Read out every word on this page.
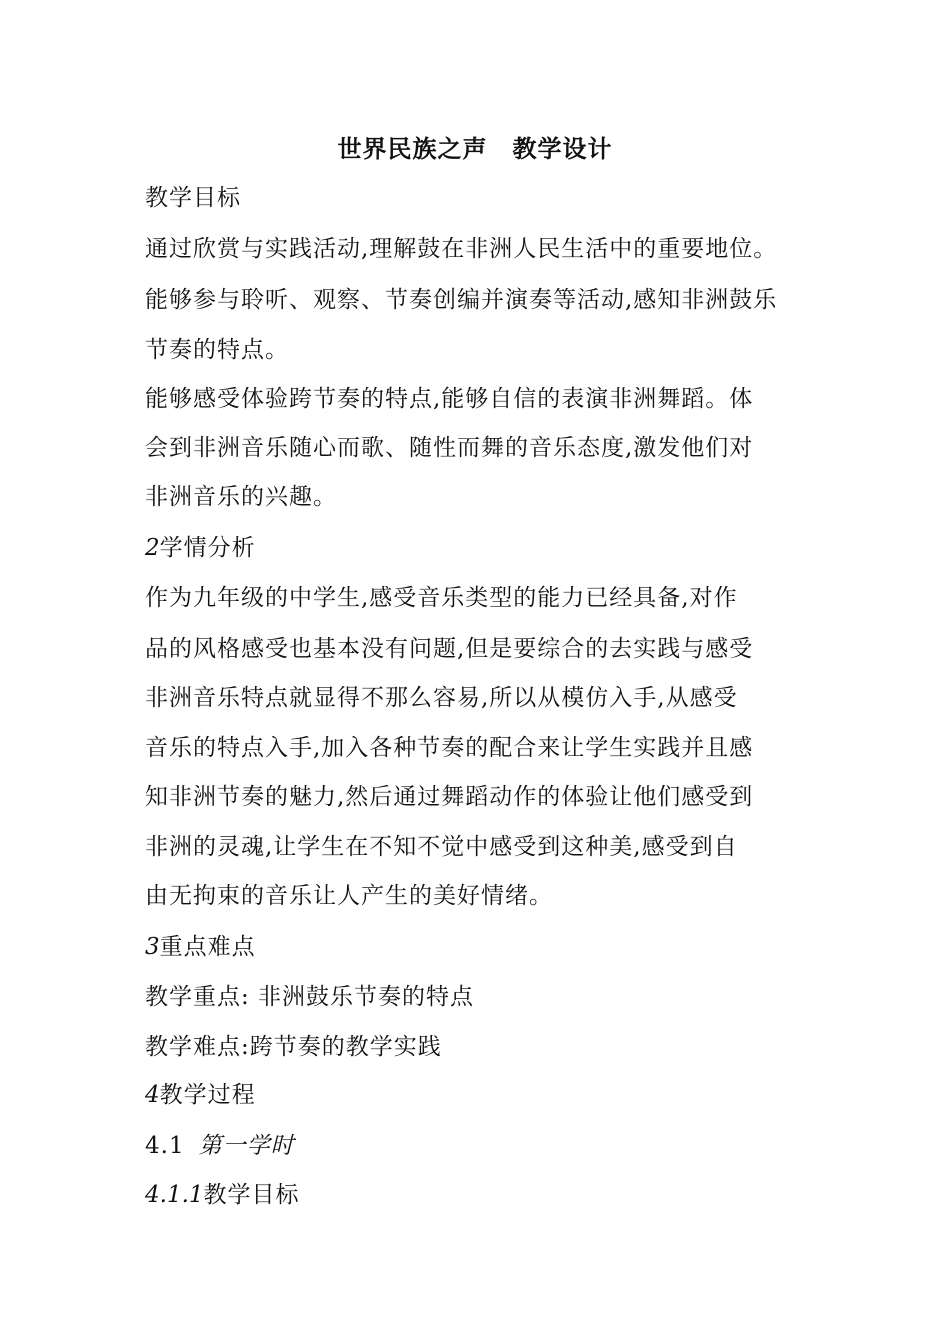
世界民族之声　教学设计
教学目标
通过欣赏与实践活动,理解鼓在非洲人民生活中的重要地位。
能够参与聆听、观察、节奏创编并演奏等活动,感知非洲鼓乐
节奏的特点。
能够感受体验跨节奏的特点,能够自信的表演非洲舞蹈。体
会到非洲音乐随心而歌、随性而舞的音乐态度,激发他们对
非洲音乐的兴趣。
2学情分析
作为九年级的中学生,感受音乐类型的能力已经具备,对作
品的风格感受也基本没有问题,但是要综合的去实践与感受
非洲音乐特点就显得不那么容易,所以从模仿入手,从感受
音乐的特点入手,加入各种节奏的配合来让学生实践并且感
知非洲节奏的魅力,然后通过舞蹈动作的体验让他们感受到
非洲的灵魂,让学生在不知不觉中感受到这种美,感受到自
由无拘束的音乐让人产生的美好情绪。
3重点难点
教学重点: 非洲鼓乐节奏的特点
教学难点:跨节奏的教学实践
4教学过程
4.1 第一学时
4.1.1教学目标
